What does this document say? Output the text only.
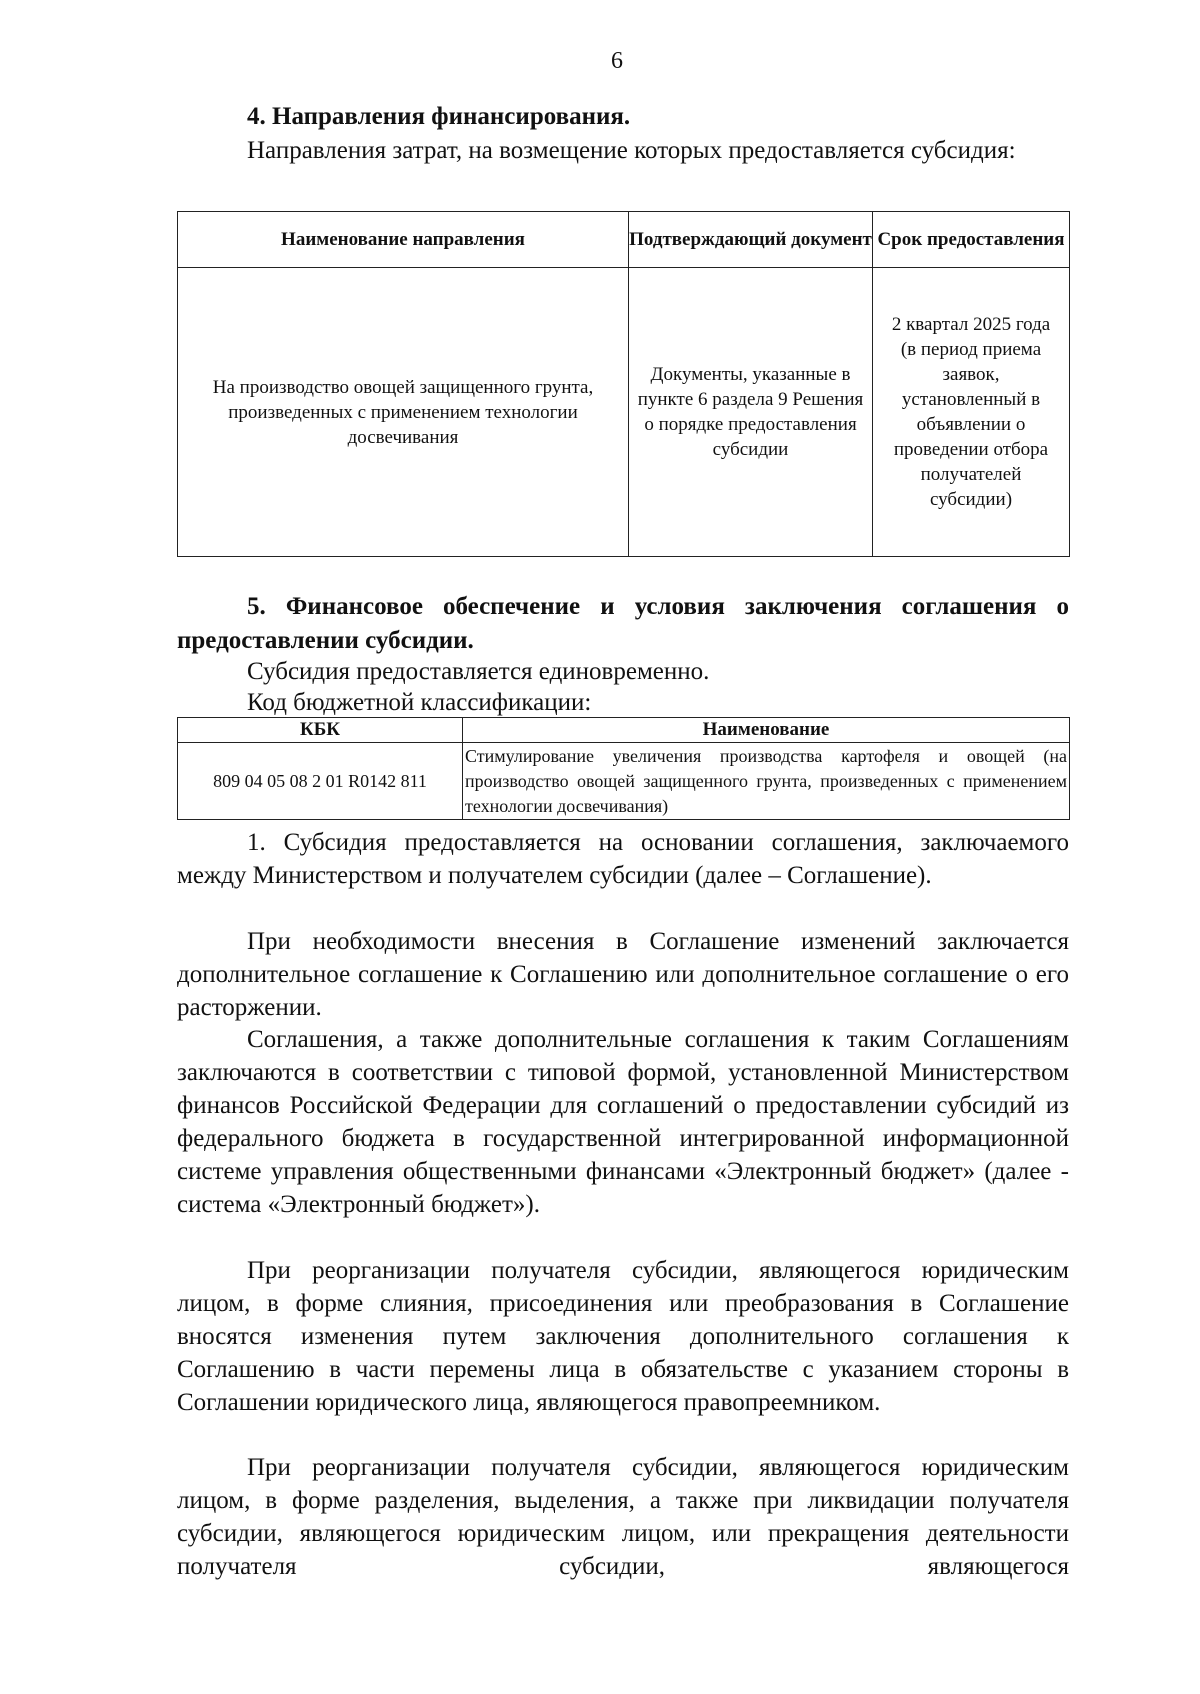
6
4. Направления финансирования.
Направления затрат, на возмещение которых предоставляется субсидия:
Наименование направления	Подтверждающий документ	Срок предоставления
На производство овощей защищенного грунта, произведенных с применением технологии досвечивания	Документы, указанные в пункте 6 раздела 9 Решения о порядке предоставления субсидии	2 квартал 2025 года (в период приема заявок, установленный в объявлении о проведении отбора получателей субсидии)
5. Финансовое обеспечение и условия заключения соглашения о предоставлении субсидии.
Субсидия предоставляется единовременно.
Код бюджетной классификации:
КБК	Наименование
809 04 05 08 2 01 R0142 811	Стимулирование увеличения производства картофеля и овощей (на производство овощей защищенного грунта, произведенных с применением технологии досвечивания)
1. Субсидия предоставляется на основании соглашения, заключаемого между Министерством и получателем субсидии (далее – Соглашение).
При необходимости внесения в Соглашение изменений заключается дополнительное соглашение к Соглашению или дополнительное соглашение о его расторжении.
Соглашения, а также дополнительные соглашения к таким Соглашениям заключаются в соответствии с типовой формой, установленной Министерством финансов Российской Федерации для соглашений о предоставлении субсидий из федерального бюджета в государственной интегрированной информационной системе управления общественными финансами «Электронный бюджет» (далее - система «Электронный бюджет»).
При реорганизации получателя субсидии, являющегося юридическим лицом, в форме слияния, присоединения или преобразования в Соглашение вносятся изменения путем заключения дополнительного соглашения к Соглашению в части перемены лица в обязательстве с указанием стороны в Соглашении юридического лица, являющегося правопреемником.
При реорганизации получателя субсидии, являющегося юридическим лицом, в форме разделения, выделения, а также при ликвидации получателя субсидии, являющегося юридическим лицом, или прекращения деятельности получателя субсидии, являющегося
